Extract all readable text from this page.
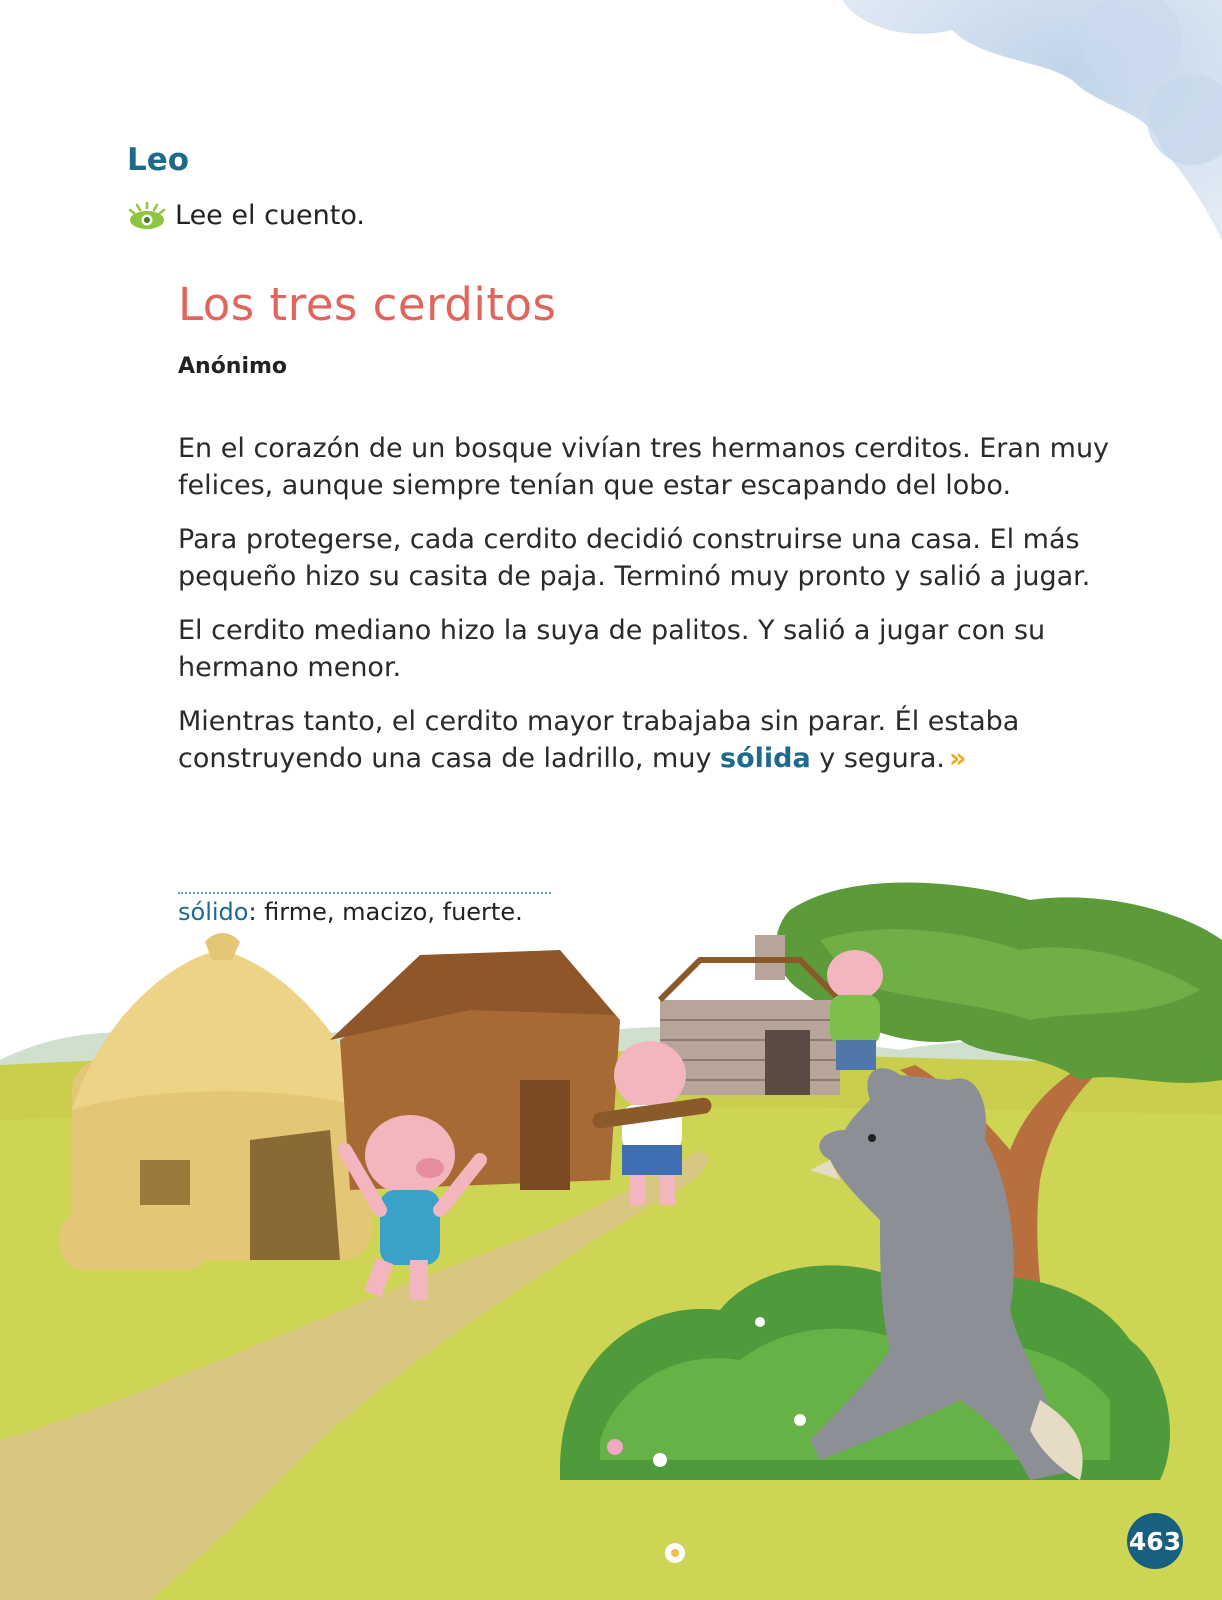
Leo
Lee el cuento.
Los tres cerditos
Anónimo

En el corazón de un bosque vivían tres hermanos cerditos. Eran muy felices, aunque siempre tenían que estar escapando del lobo.

Para protegerse, cada cerdito decidió construirse una casa. El más pequeño hizo su casita de paja. Terminó muy pronto y salió a jugar.

El cerdito mediano hizo la suya de palitos. Y salió a jugar con su hermano menor.

Mientras tanto, el cerdito mayor trabajaba sin parar. Él estaba construyendo una casa de ladrillo, muy sólida y segura. »

sólido: firme, macizo, fuerte.
463
